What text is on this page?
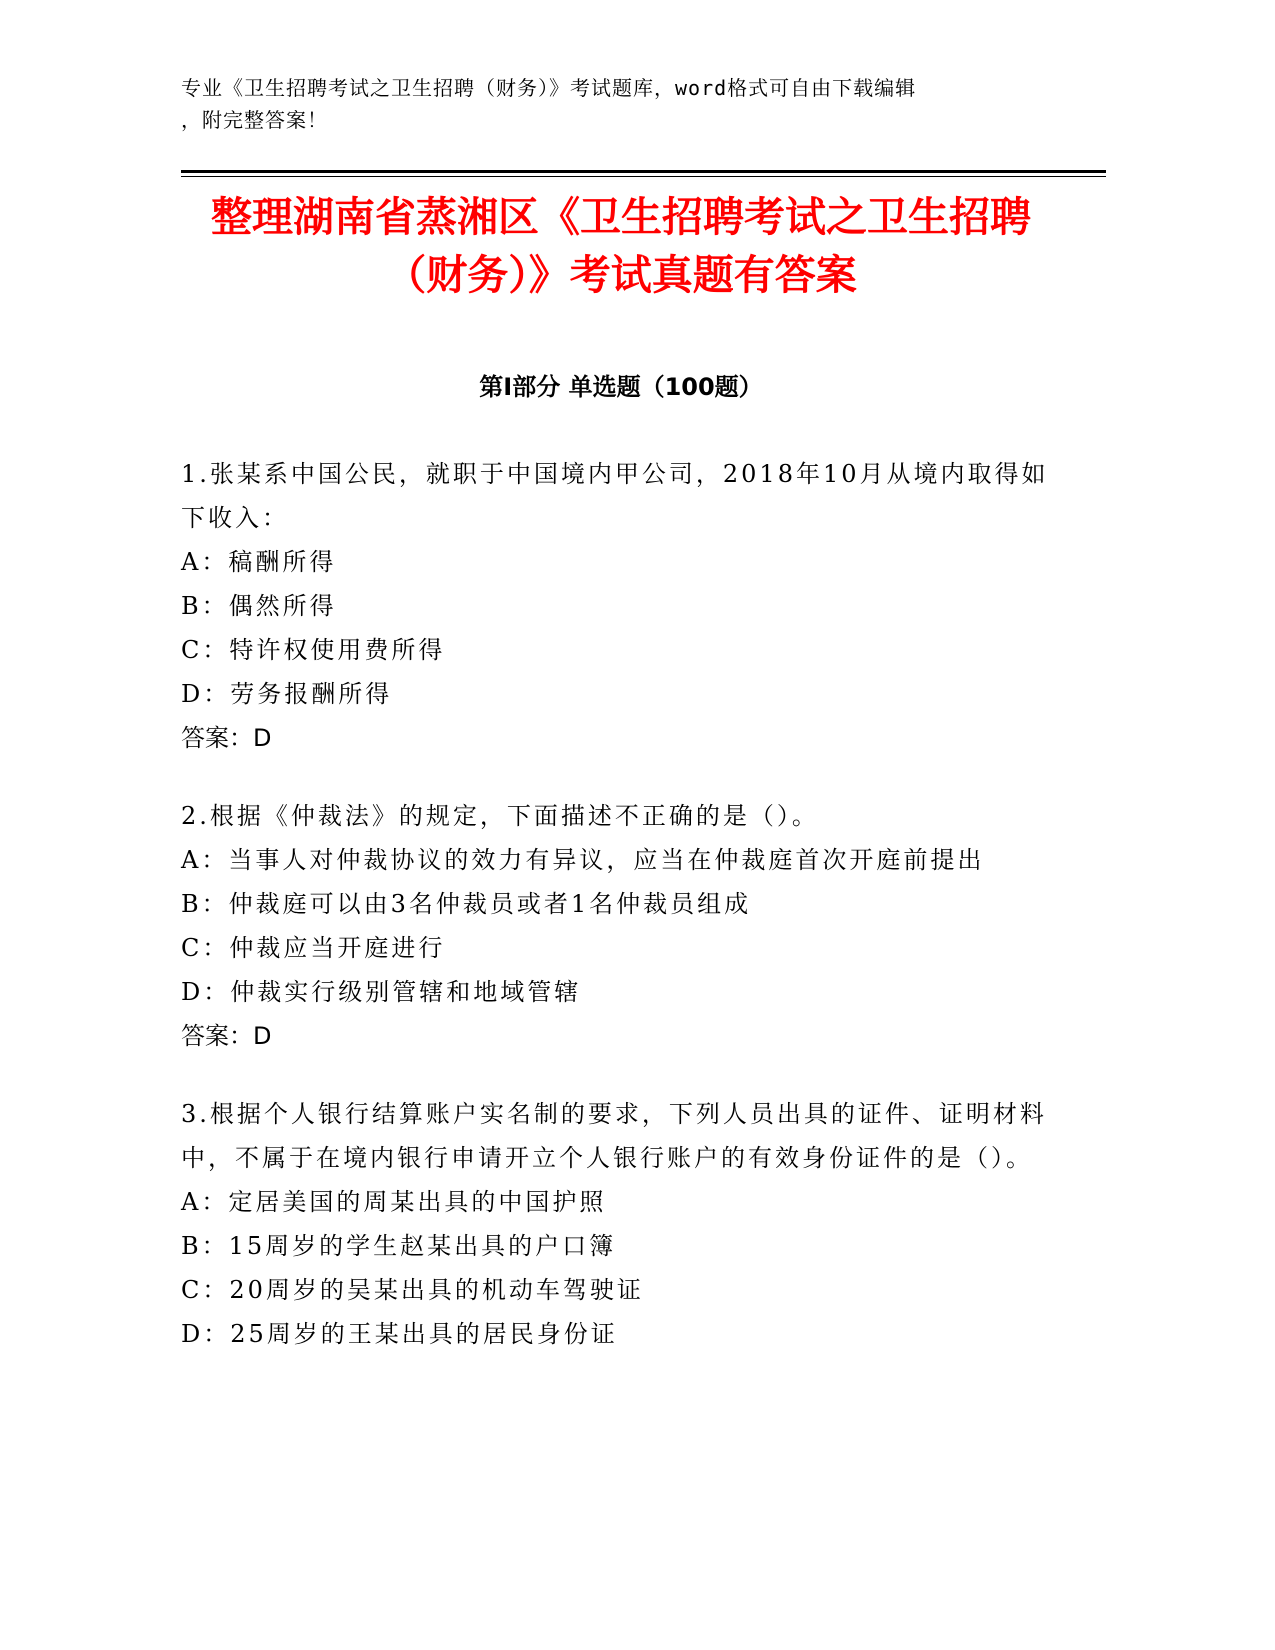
专业《卫生招聘考试之卫生招聘（财务）》考试题库，word格式可自由下载编辑
，附完整答案！
整理湖南省蒸湘区《卫生招聘考试之卫生招聘（财务）》考试真题有答案
第Ⅰ部分 单选题（100题）

1.张某系中国公民，就职于中国境内甲公司，2018年10月从境内取得如下收入：

A：稿酬所得
B：偶然所得
C：特许权使用费所得
D：劳务报酬所得

答案：D

2.根据《仲裁法》的规定，下面描述不正确的是（）。

A：当事人对仲裁协议的效力有异议，应当在仲裁庭首次开庭前提出
B：仲裁庭可以由3名仲裁员或者1名仲裁员组成
C：仲裁应当开庭进行
D：仲裁实行级别管辖和地域管辖

答案：D

3.根据个人银行结算账户实名制的要求，下列人员出具的证件、证明材料中，不属于在境内银行申请开立个人银行账户的有效身份证件的是（）。

A：定居美国的周某出具的中国护照
B：15周岁的学生赵某出具的户口簿
C：20周岁的吴某出具的机动车驾驶证
D：25周岁的王某出具的居民身份证
